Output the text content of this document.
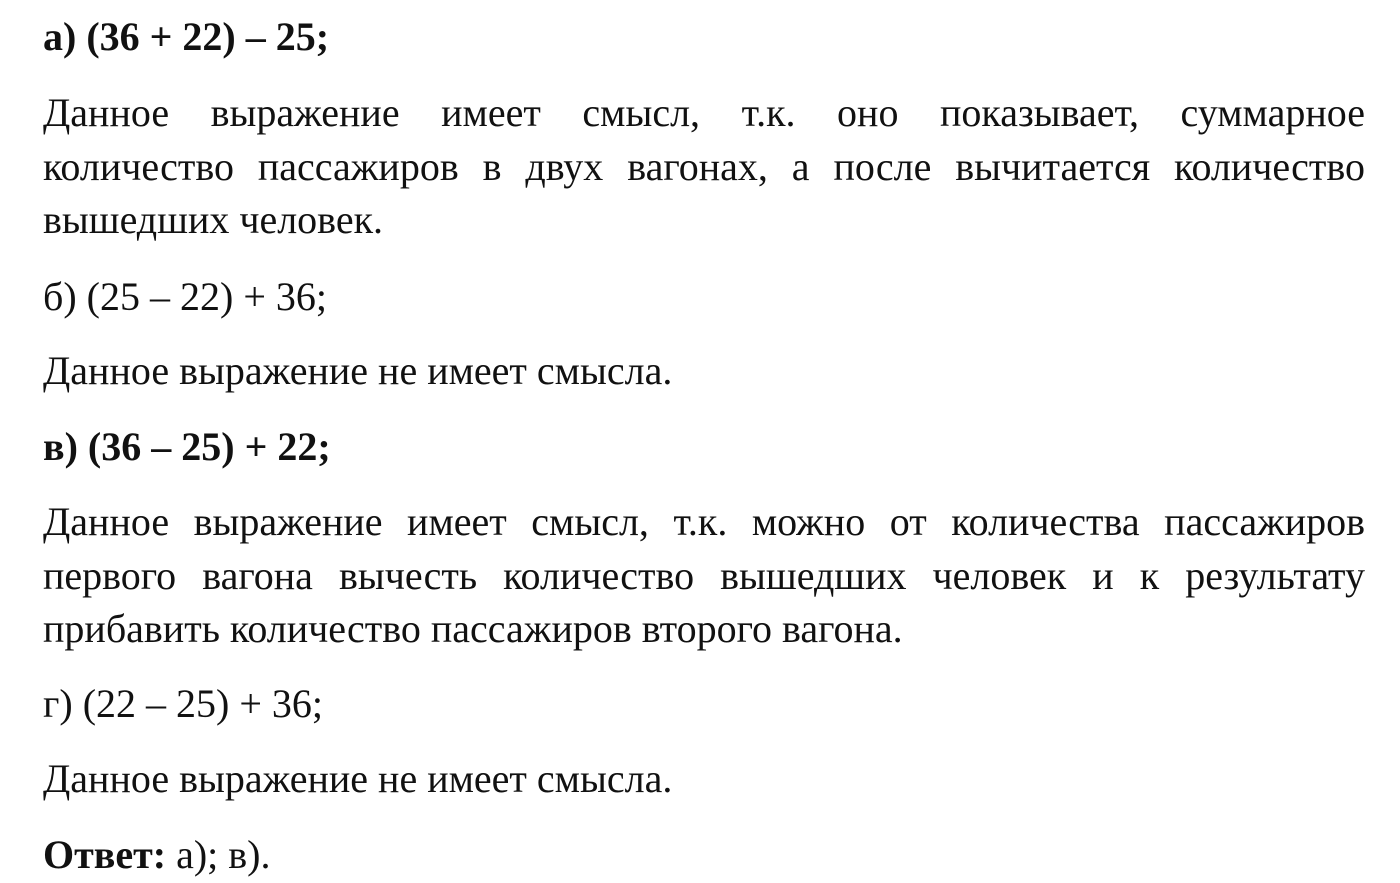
а) (36 + 22) – 25;
Данное выражение имеет смысл, т.к. оно показывает, суммарное
количество пассажиров в двух вагонах, а после вычитается количество
вышедших человек.
б) (25 – 22) + 36;
Данное выражение не имеет смысла.
в) (36 – 25) + 22;
Данное выражение имеет смысл, т.к. можно от количества пассажиров
первого вагона вычесть количество вышедших человек и к результату
прибавить количество пассажиров второго вагона.
г) (22 – 25) + 36;
Данное выражение не имеет смысла.
Ответ: а); в).
